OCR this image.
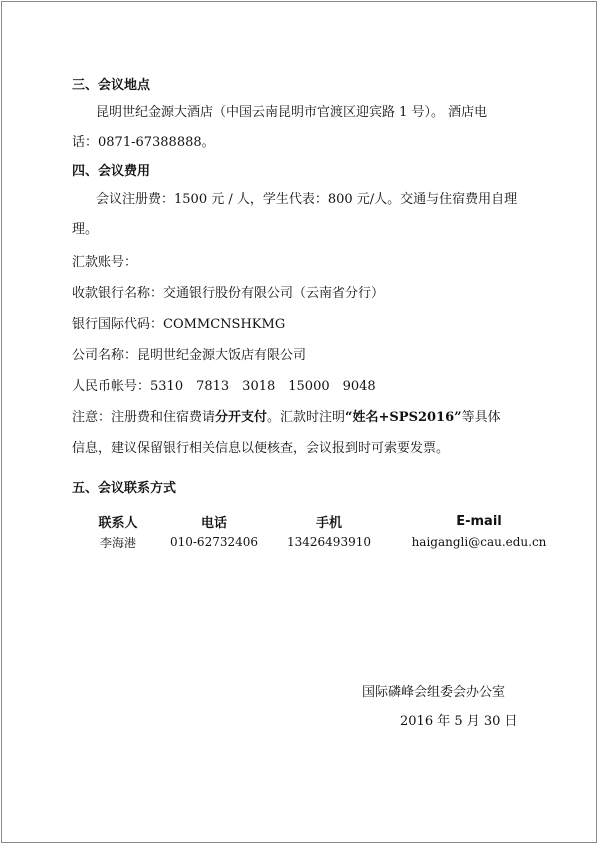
三、会议地点
昆明世纪金源大酒店（中国云南昆明市官渡区迎宾路 1 号）。 酒店电
话：0871-67388888。
四、会议费用
会议注册费：1500 元 / 人，学生代表：800 元/人。交通与住宿费用自理
理。
汇款账号：
收款银行名称：交通银行股份有限公司（云南省分行）
银行国际代码：COMMCNSHKMG
公司名称：昆明世纪金源大饭店有限公司
人民币帐号：5310　7813　3018　15000　9048
注意：注册费和住宿费请分开支付。汇款时注明“姓名+SPS2016”等具体
信息，建议保留银行相关信息以便核查，会议报到时可索要发票。
五、会议联系方式
联系人	电话	手机	E-mail
李海港	010-62732406	13426493910	haigangli@cau.edu.cn
国际磷峰会组委会办公室
2016 年 5 月 30 日
